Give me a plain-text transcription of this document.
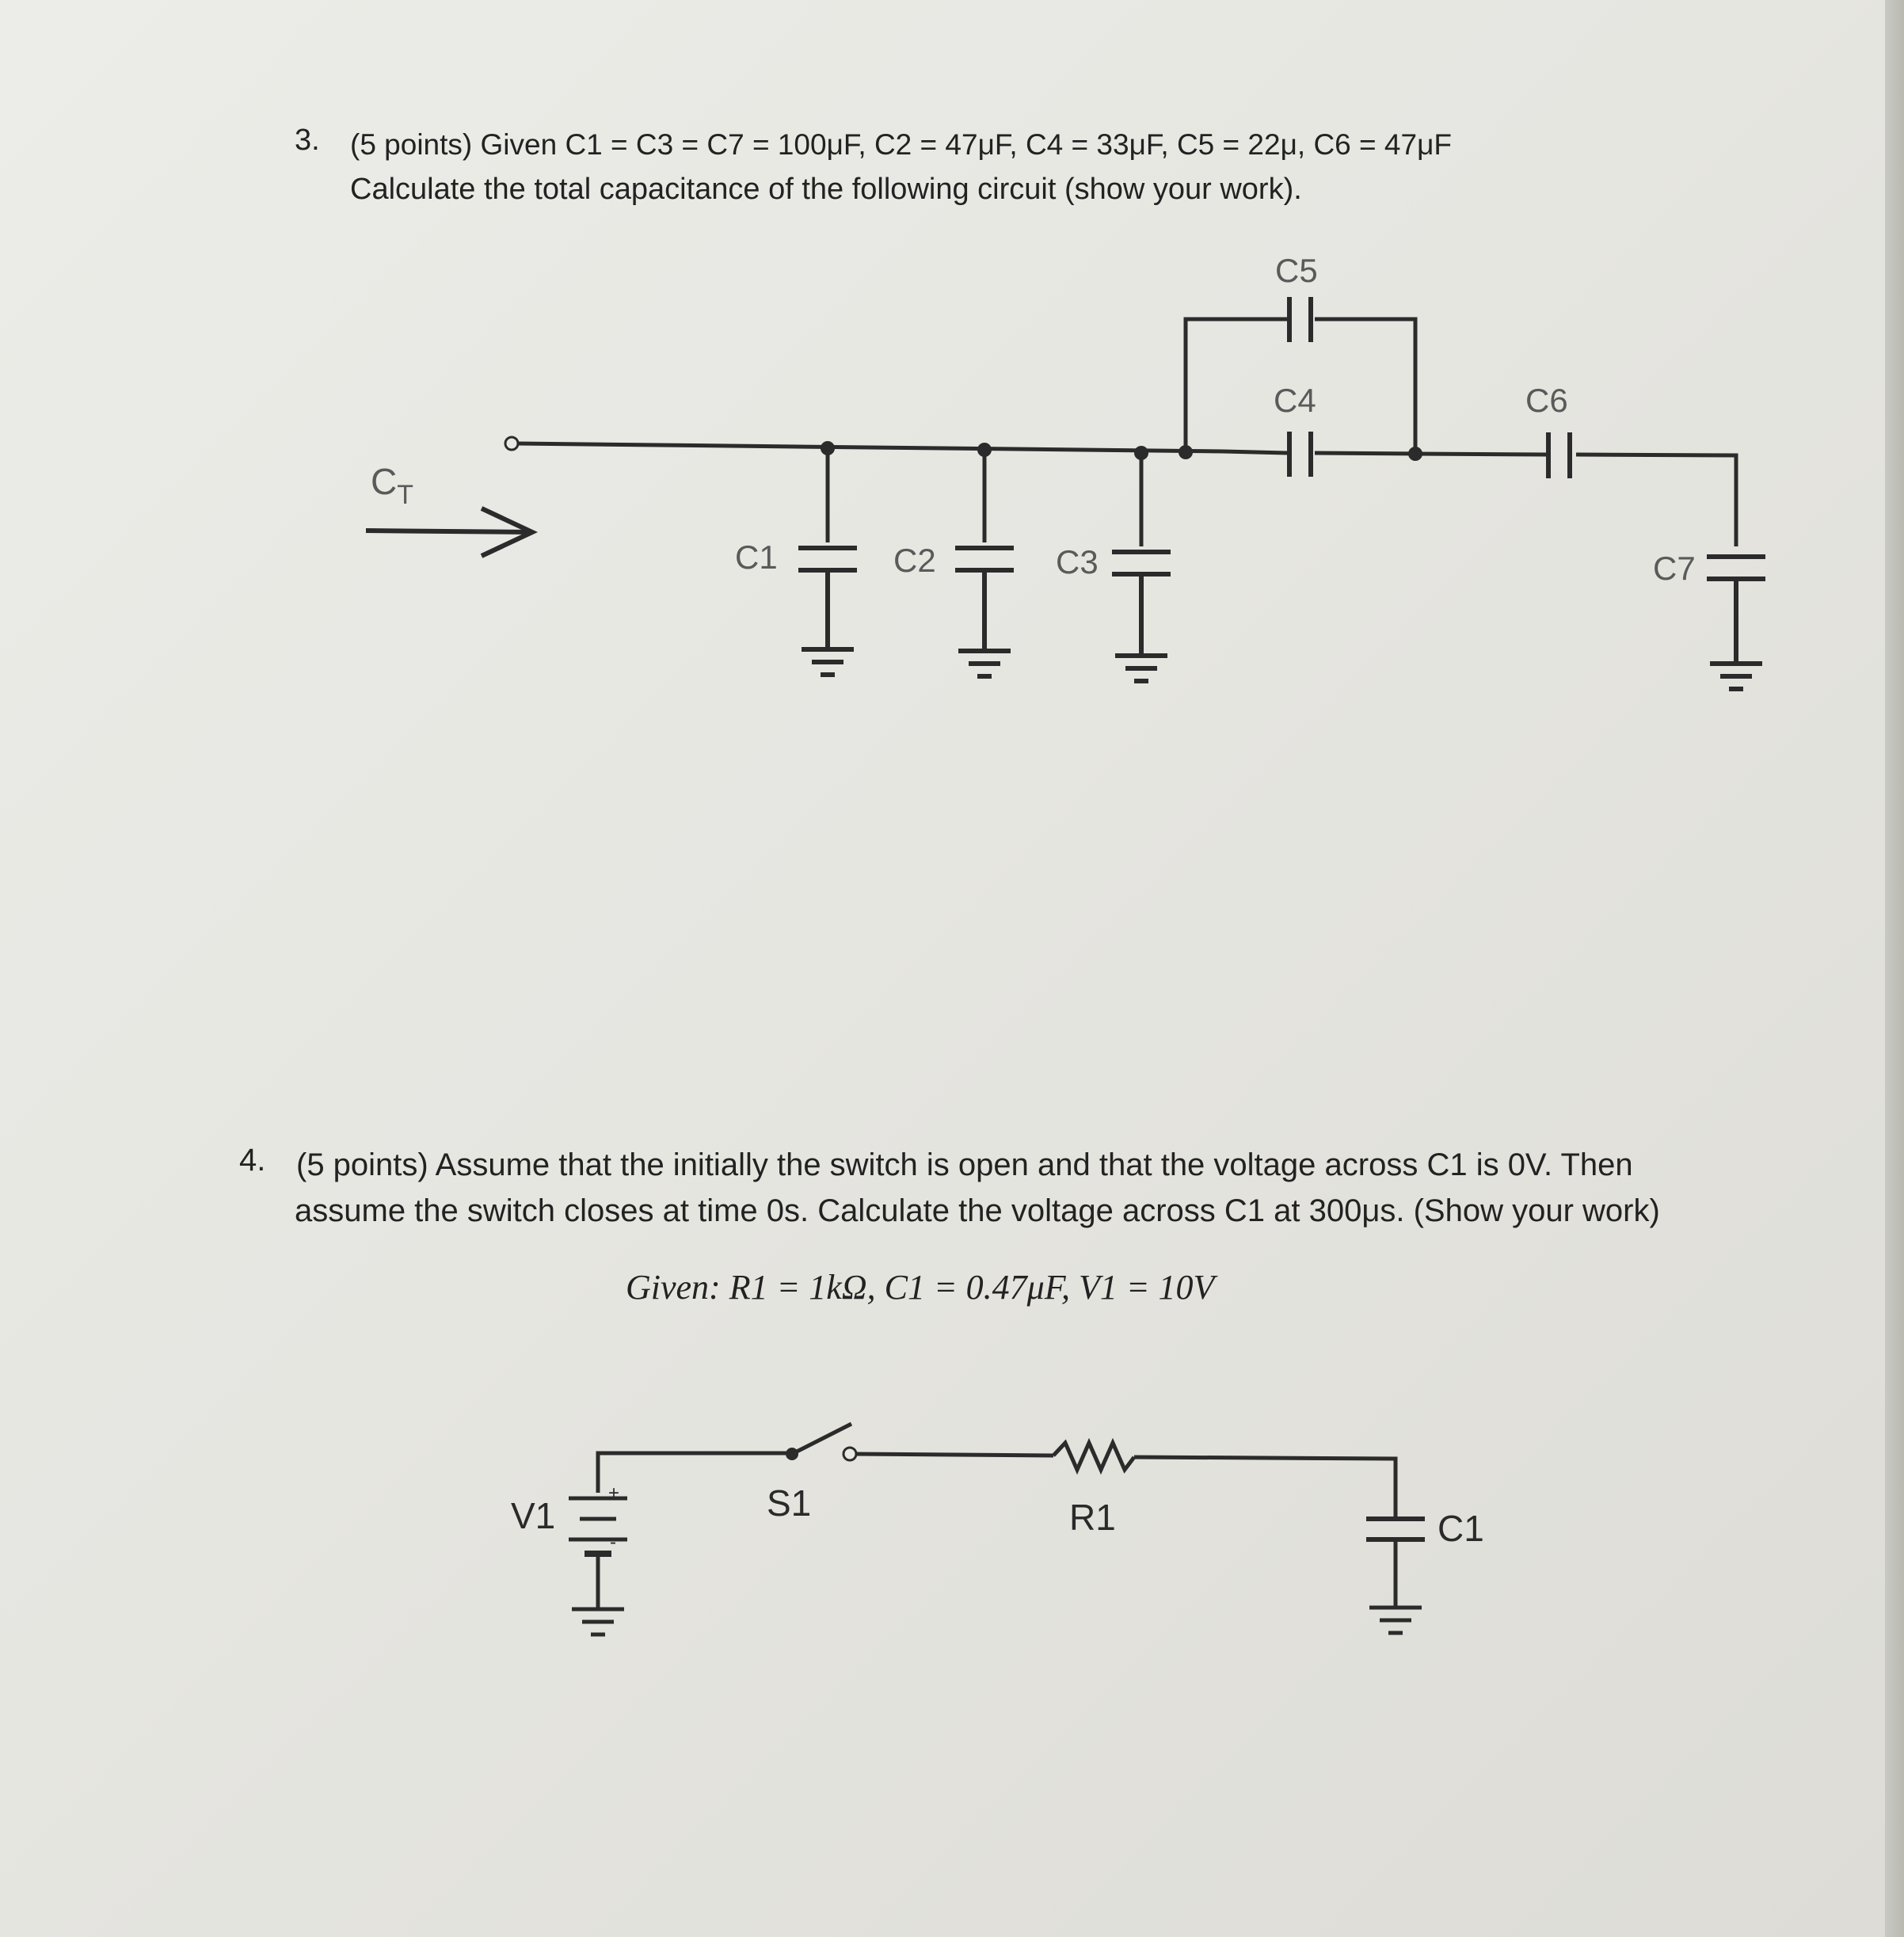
3. (5 points) Given C1 = C3 = C7 = 100μF, C2 = 47μF, C4 = 33μF, C5 = 22μ, C6 = 47μF

Calculate the total capacitance of the following circuit (show your work).

$C_T$
C1	C2	C3
C4
C5
C6
C7

4. (5 points) Assume that the initially the switch is open and that the voltage across C1 is 0V. Then

assume the switch closes at time 0s. Calculate the voltage across C1 at 300μs. (Show your work)

Given: R1 = 1kΩ, C1 = 0.47μF, V1 = 10V

V1
+
-
S1	R1	C1
